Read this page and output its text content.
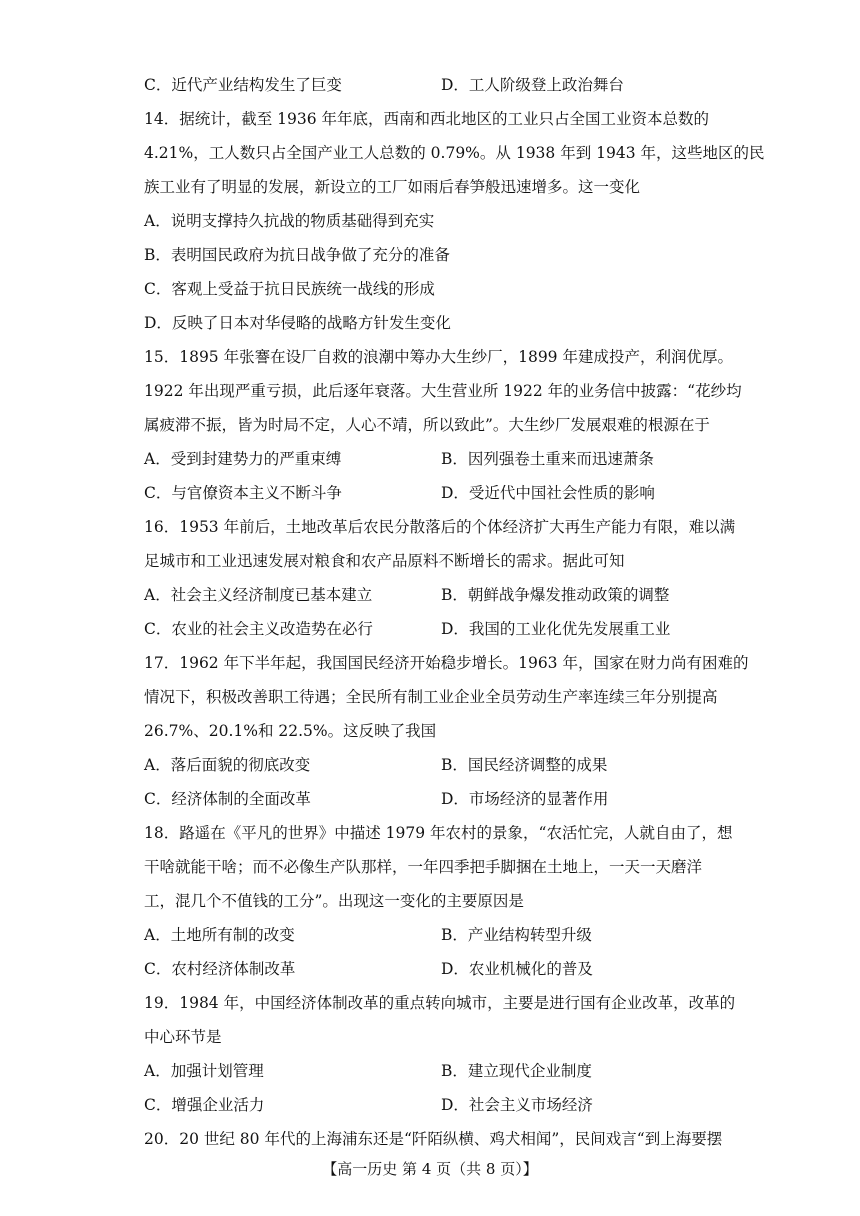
C．近代产业结构发生了巨变	D．工人阶级登上政治舞台
14．据统计，截至 1936 年年底，西南和西北地区的工业只占全国工业资本总数的
4.21%，工人数只占全国产业工人总数的 0.79%。从 1938 年到 1943 年，这些地区的民
族工业有了明显的发展，新设立的工厂如雨后春笋般迅速增多。这一变化
A．说明支撑持久抗战的物质基础得到充实
B．表明国民政府为抗日战争做了充分的准备
C．客观上受益于抗日民族统一战线的形成
D．反映了日本对华侵略的战略方针发生变化
15．1895 年张謇在设厂自救的浪潮中筹办大生纱厂，1899 年建成投产，利润优厚。
1922 年出现严重亏损，此后逐年衰落。大生营业所 1922 年的业务信中披露：“花纱均
属疲滞不振，皆为时局不定，人心不靖，所以致此”。大生纱厂发展艰难的根源在于
A．受到封建势力的严重束缚	B．因列强卷土重来而迅速萧条
C．与官僚资本主义不断斗争	D．受近代中国社会性质的影响
16．1953 年前后，土地改革后农民分散落后的个体经济扩大再生产能力有限，难以满
足城市和工业迅速发展对粮食和农产品原料不断增长的需求。据此可知
A．社会主义经济制度已基本建立	B．朝鲜战争爆发推动政策的调整
C．农业的社会主义改造势在必行	D．我国的工业化优先发展重工业
17．1962 年下半年起，我国国民经济开始稳步增长。1963 年，国家在财力尚有困难的
情况下，积极改善职工待遇；全民所有制工业企业全员劳动生产率连续三年分别提高
26.7%、20.1%和 22.5%。这反映了我国
A．落后面貌的彻底改变	B．国民经济调整的成果
C．经济体制的全面改革	D．市场经济的显著作用
18．路遥在《平凡的世界》中描述 1979 年农村的景象，“农活忙完，人就自由了，想
干啥就能干啥；而不必像生产队那样，一年四季把手脚捆在土地上，一天一天磨洋
工，混几个不值钱的工分”。出现这一变化的主要原因是
A．土地所有制的改变	B．产业结构转型升级
C．农村经济体制改革	D．农业机械化的普及
19．1984 年，中国经济体制改革的重点转向城市，主要是进行国有企业改革，改革的
中心环节是
A．加强计划管理	B．建立现代企业制度
C．增强企业活力	D．社会主义市场经济
20．20 世纪 80 年代的上海浦东还是“阡陌纵横、鸡犬相闻”，民间戏言“到上海要摆
【高一历史 第 4 页（共 8 页）】
